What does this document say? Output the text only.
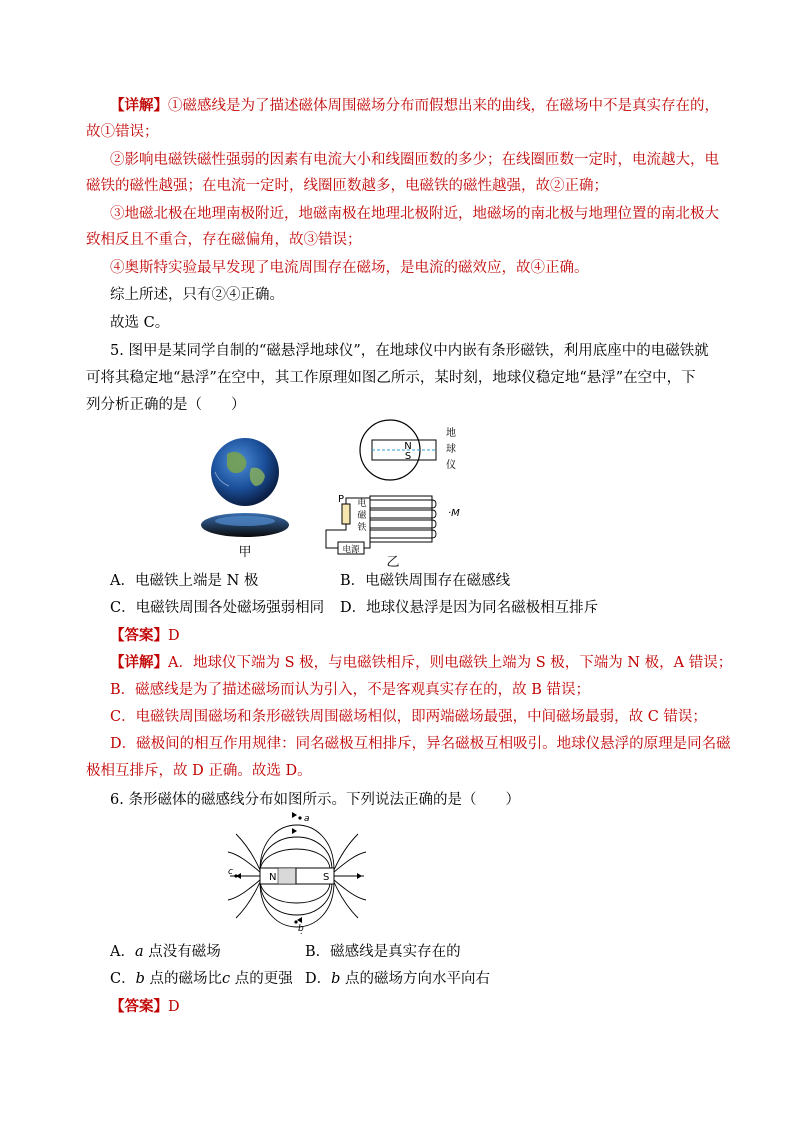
【详解】①磁感线是为了描述磁体周围磁场分布而假想出来的曲线，在磁场中不是真实存在的，
故①错误；
②影响电磁铁磁性强弱的因素有电流大小和线圈匝数的多少；在线圈匝数一定时，电流越大，电
磁铁的磁性越强；在电流一定时，线圈匝数越多，电磁铁的磁性越强，故②正确；
③地磁北极在地理南极附近，地磁南极在地理北极附近，地磁场的南北极与地理位置的南北极大
致相反且不重合，存在磁偏角，故③错误；
④奥斯特实验最早发现了电流周围存在磁场，是电流的磁效应，故④正确。
综上所述，只有②④正确。
故选 C。
5. 图甲是某同学自制的“磁悬浮地球仪”，在地球仪中内嵌有条形磁铁，利用底座中的电磁铁就
可将其稳定地“悬浮”在空中，其工作原理如图乙所示，某时刻，地球仪稳定地“悬浮”在空中，下
列分析正确的是（　　）
甲
N
S
地
球
仪
电
磁
铁
·M
P
电源
乙
A．电磁铁上端是 N 极	B．电磁铁周围存在磁感线
C．电磁铁周围各处磁场强弱相同 D．地球仪悬浮是因为同名磁极相互排斥
【答案】D
【详解】A．地球仪下端为 S 极，与电磁铁相斥，则电磁铁上端为 S 极，下端为 N 极，A 错误；
B．磁感线是为了描述磁场而认为引入，不是客观真实存在的，故 B 错误；
C．电磁铁周围磁场和条形磁铁周围磁场相似，即两端磁场最强，中间磁场最弱，故 C 错误；
D．磁极间的相互作用规律：同名磁极互相排斥，异名磁极互相吸引。地球仪悬浮的原理是同名磁
极相互排斥，故 D 正确。故选 D。
6. 条形磁体的磁感线分布如图所示。下列说法正确的是（　　）
N	S
a
b
c
A．a 点没有磁场	B．磁感线是真实存在的
C．b 点的磁场比c 点的更强 D．b 点的磁场方向水平向右
【答案】D
